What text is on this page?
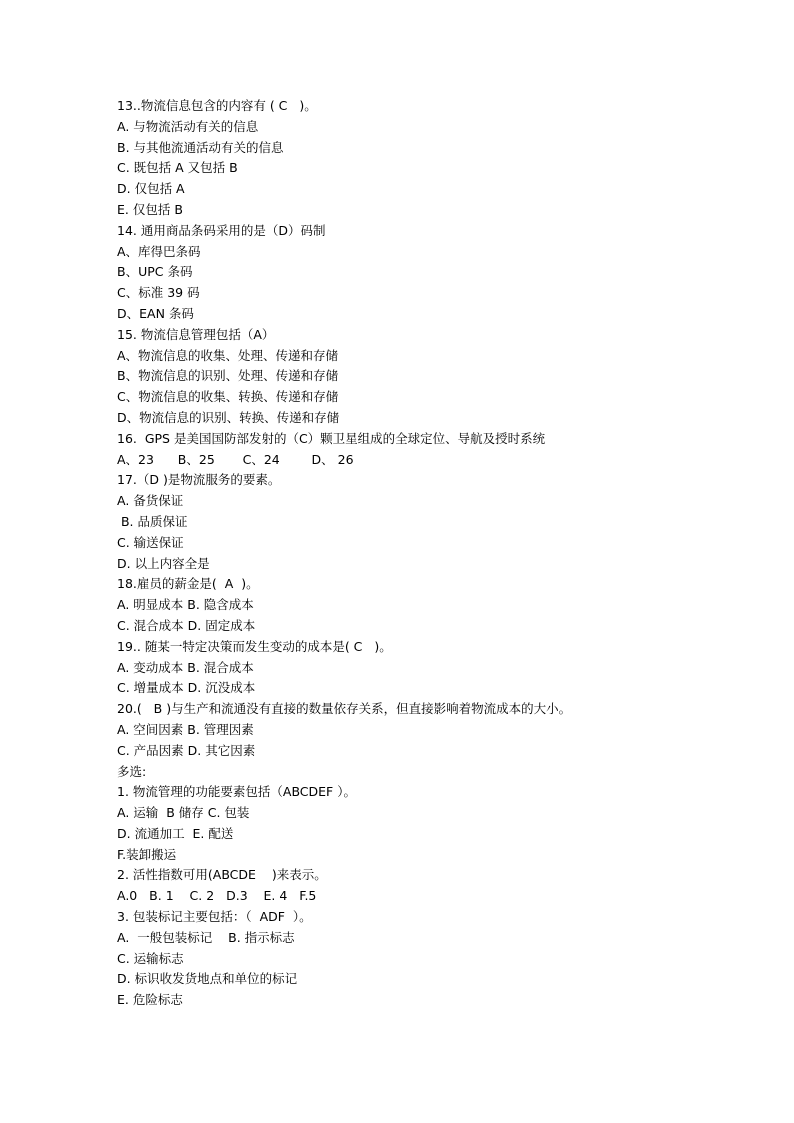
13..物流信息包含的内容有 ( C   )。
A. 与物流活动有关的信息
B. 与其他流通活动有关的信息
C. 既包括 A 又包括 B
D. 仅包括 A
E. 仅包括 B
14. 通用商品条码采用的是（D）码制
A、库得巴条码
B、UPC 条码
C、标准 39 码
D、EAN 条码
15. 物流信息管理包括（A）
A、物流信息的收集、处理、传递和存储
B、物流信息的识别、处理、传递和存储
C、物流信息的收集、转换、传递和存储
D、物流信息的识别、转换、传递和存储
16.  GPS 是美国国防部发射的（C）颗卫星组成的全球定位、导航及授时系统
A、23      B、25       C、24        D、 26
17.（D )是物流服务的要素。
A. 备货保证
B. 品质保证
C. 输送保证
D. 以上内容全是
18.雇员的薪金是(  A  )。
A. 明显成本 B. 隐含成本
C. 混合成本 D. 固定成本
19.. 随某一特定决策而发生变动的成本是( C   )。
A. 变动成本 B. 混合成本
C. 增量成本 D. 沉没成本
20.(   B )与生产和流通没有直接的数量依存关系，但直接影响着物流成本的大小。
A. 空间因素 B. 管理因素
C. 产品因素 D. 其它因素
多选:
1. 物流管理的功能要素包括（ABCDEF ）。
A. 运输  B 储存 C. 包装
D. 流通加工  E. 配送
F.装卸搬运
2. 活性指数可用(ABCDE    )来表示。
A.0   B. 1    C. 2   D.3    E. 4   F.5
3. 包装标记主要包括：（  ADF  ）。
A.  一般包装标记    B. 指示标志
C. 运输标志
D. 标识收发货地点和单位的标记
E. 危险标志
